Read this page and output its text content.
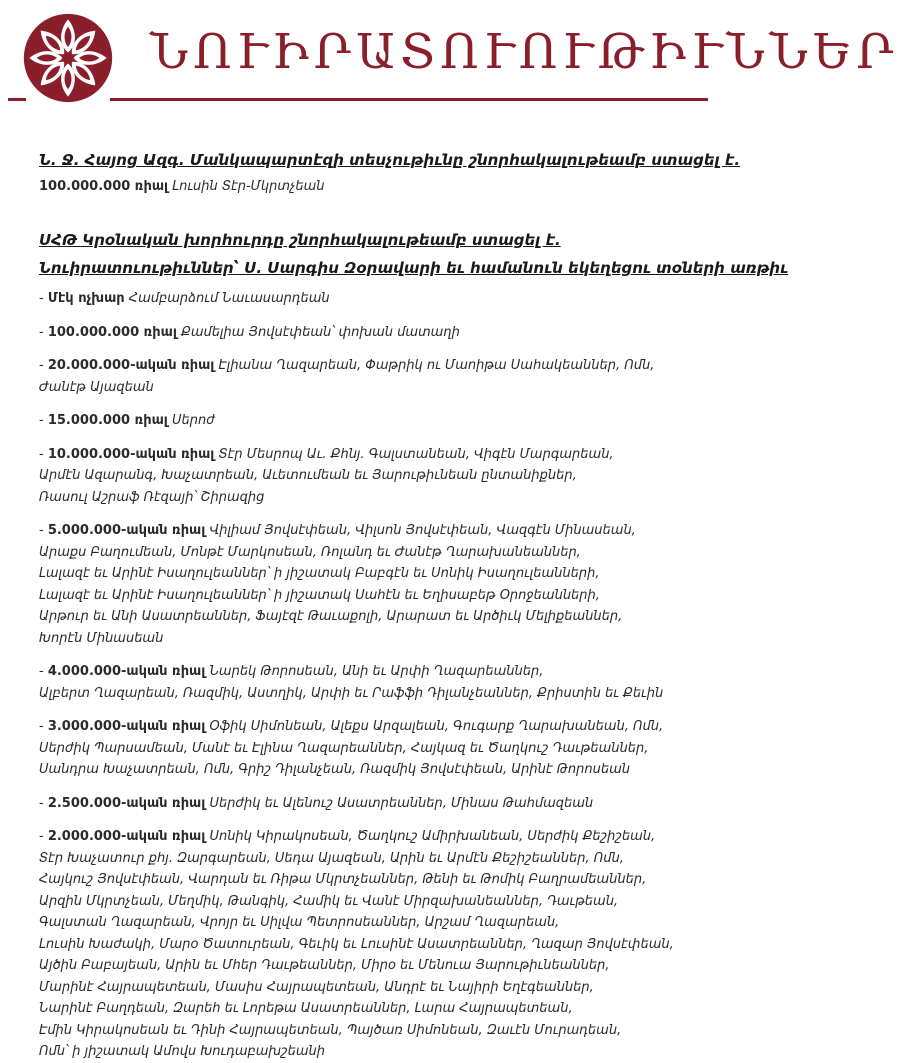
ՆՈՒԻՐԱՏՈՒՈՒԹԻՒՆՆԵՐ

Ն. Ջ. Հայոց Ազգ. Մանկապարտէզի տեսչութիւնը շնորհակալութեամբ ստացել է.

100.000.000 ռիալ Լուսին Տէր-Մկրտչեան

ՍՀԹ Կրօնական խորհուրդը շնորհակալութեամբ ստացել է.

Նուիրատուութիւններ՝ Ս. Սարգիս Զօրավարի եւ համանուն եկեղեցու տօների առթիւ

- Մէկ ոչխար Համբարձում Նաւասարդեան

- 100.000.000 ռիալ Քամելիա Յովսէփեան՝ փոխան մատաղի

- 20.000.000-ական ռիալ Էլիանա Ղազարեան, Փաթրիկ ու Մաոիթա Սահակեաններ, Ոմն,
Ժանէթ Այազեան

- 15.000.000 ռիալ Սերոժ

- 10.000.000-ական ռիալ Տէր Մեսրոպ Աւ. Քհնյ. Գալստանեան, Վիգէն Մարգարեան,
Արմէն Ազարանգ, Խաչատրեան, Աւետումեան եւ Յարութիւնեան ընտանիքներ,
Ռասուլ Աշրաֆ Ռէզայի՝ Շիրազից

- 5.000.000-ական ռիալ Վիլիամ Յովսէփեան, Վիլսոն Յովսէփեան, Վազգէն Մինասեան,
Արաքս Բաղումեան, Մոնթէ Մարկոսեան, Ռոլանդ եւ Ժանէթ Ղարախանեաններ,
Լալազէ եւ Արինէ Իսաղուլեաններ՝ ի յիշատակ Բաբգէն եւ Սոնիկ Իսաղուլեանների,
Լալազէ եւ Արինէ Իսաղուլեաններ՝ ի յիշատակ Սահէն եւ Եղիսաբեթ Օրոջեանների,
Արթուր եւ Անի Ասատրեաններ, Ֆայէզէ Թաւաքոլի, Արարատ եւ Արծիւկ Մելիքեաններ,
Խորէն Մինասեան

- 4.000.000-ական ռիալ Նարեկ Թորոսեան, Անի եւ Արփի Ղազարեաններ,
Ալբերտ Ղազարեան, Ռազմիկ, Աստղիկ, Արփի եւ Րաֆֆի Դիլանչեաններ, Քրիստին եւ Քեւին

- 3.000.000-ական ռիալ Օֆիկ Սիմոնեան, Ալեքս Արզալեան, Գուգարք Ղարախանեան, Ոմն,
Սերժիկ Պարսամեան, Մանէ եւ Էլինա Ղազարեաններ, Հայկազ եւ Ծաղկուշ Դաւթեաններ,
Սանդրա Խաչատրեան, Ոմն, Գրիշ Դիլանչեան, Ռազմիկ Յովսէփեան, Արինէ Թորոսեան

- 2.500.000-ական ռիալ Սերժիկ եւ Ալենուշ Ասատրեաններ, Մինաս Թահմազեան

- 2.000.000-ական ռիալ Սոնիկ Կիրակոսեան, Ծաղկուշ Ամիրխանեան, Սերժիկ Քեշիշեան,
Տէր Խաչատուր քհյ. Զարգարեան, Սեդա Այազեան, Արին եւ Արմէն Քեշիշեաններ, Ոմն,
Հայկուշ Յովսէփեան, Վարդան եւ Ռիթա Մկրտչեաններ, Թենի եւ Թոմիկ Բաղրամեաններ,
Արզին Մկրտչեան, Մեղմիկ, Թանգիկ, Համիկ եւ Վանէ Միրզախանեաններ, Դաւթեան,
Գալստան Ղազարեան, Վրոյր եւ Սիլվա Պետրոսեաններ, Արշամ Ղազարեան,
Լուսին Խաժակի, Մարօ Ծատուրեան, Գեւիկ եւ Լուսինէ Ասատրեաններ, Ղազար Յովսէփեան,
Այծին Բաբայեան, Արին եւ Մհեր Դաւթեաններ, Միրօ եւ Մենուա Յարութիւնեաններ,
Մարինէ Հայրապետեան, Մասիս Հայրապետեան, Անդրէ եւ Նայիրի Եղէգեաններ,
Նարինէ Բաղդեան, Զարեհ եւ Լորեթա Ասատրեաններ, Լարա Հայրապետեան,
Էմին Կիրակոսեան եւ Դինի Հայրապետեան, Պայծառ Սիմոնեան, Զաւէն Մուրադեան,
Ոմն՝ ի յիշատակ Ամովս Խուդաբախշեանի
